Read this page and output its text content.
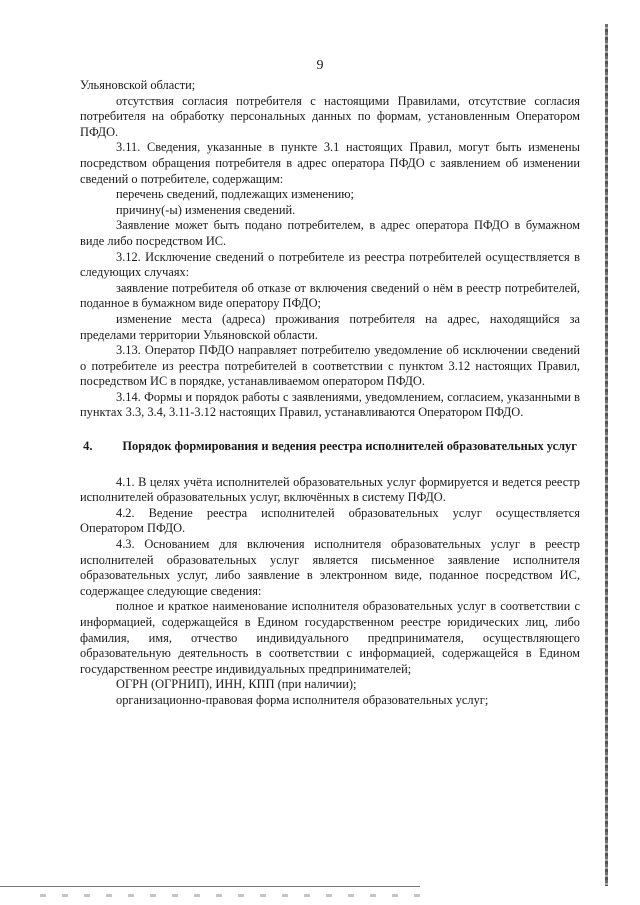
9

Ульяновской области;

отсутствия согласия потребителя с настоящими Правилами, отсутствие согласия потребителя на обработку персональных данных по формам, установленным Оператором ПФДО.

3.11. Сведения, указанные в пункте 3.1 настоящих Правил, могут быть изменены посредством обращения потребителя в адрес оператора ПФДО с заявлением об изменении сведений о потребителе, содержащим:

перечень сведений, подлежащих изменению;

причину(-ы) изменения сведений.

Заявление может быть подано потребителем, в адрес оператора ПФДО в бумажном виде либо посредством ИС.

3.12. Исключение сведений о потребителе из реестра потребителей осуществляется в следующих случаях:

заявление потребителя об отказе от включения сведений о нём в реестр потребителей, поданное в бумажном виде оператору ПФДО;

изменение места (адреса) проживания потребителя на адрес, находящийся за пределами территории Ульяновской области.

3.13. Оператор ПФДО направляет потребителю уведомление об исключении сведений о потребителе из реестра потребителей в соответствии с пунктом 3.12 настоящих Правил, посредством ИС в порядке, устанавливаемом оператором ПФДО.

3.14. Формы и порядок работы с заявлениями, уведомлением, согласием, указанными в пунктах 3.3, 3.4, 3.11-3.12 настоящих Правил, устанавливаются Оператором ПФДО.

4. Порядок формирования и ведения реестра исполнителей образовательных услуг

4.1. В целях учёта исполнителей образовательных услуг формируется и ведется реестр исполнителей образовательных услуг, включённых в систему ПФДО.

4.2. Ведение реестра исполнителей образовательных услуг осуществляется Оператором ПФДО.

4.3. Основанием для включения исполнителя образовательных услуг в реестр исполнителей образовательных услуг является письменное заявление исполнителя образовательных услуг, либо заявление в электронном виде, поданное посредством ИС, содержащее следующие сведения:

полное и краткое наименование исполнителя образовательных услуг в соответствии с информацией, содержащейся в Едином государственном реестре юридических лиц, либо фамилия, имя, отчество индивидуального предпринимателя, осуществляющего образовательную деятельность в соответствии с информацией, содержащейся в Едином государственном реестре индивидуальных предпринимателей;

ОГРН (ОГРНИП), ИНН, КПП (при наличии);

организационно-правовая форма исполнителя образовательных услуг;
